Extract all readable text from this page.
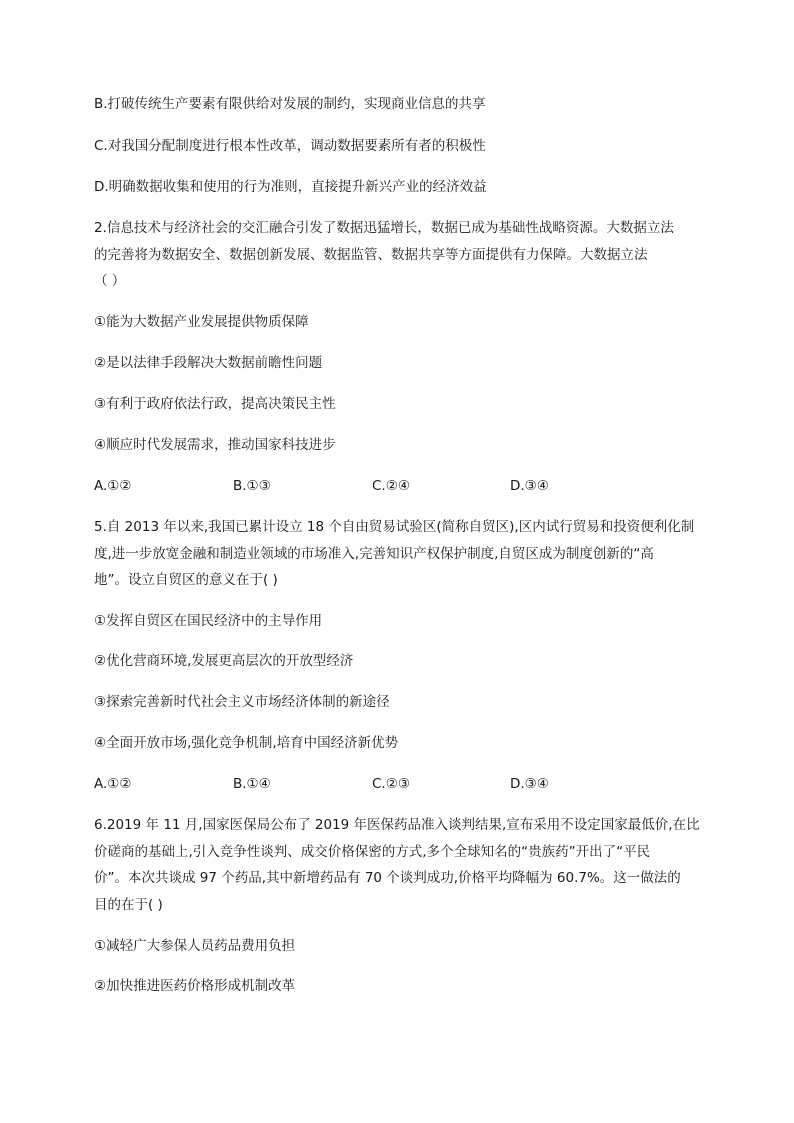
B.打破传统生产要素有限供给对发展的制约，实现商业信息的共享
C.对我国分配制度进行根本性改革，调动数据要素所有者的积极性
D.明确数据收集和使用的行为准则，直接提升新兴产业的经济效益
2.信息技术与经济社会的交汇融合引发了数据迅猛增长，数据已成为基础性战略资源。大数据立法
的完善将为数据安全、数据创新发展、数据监管、数据共享等方面提供有力保障。大数据立法
（ ）
①能为大数据产业发展提供物质保障
②是以法律手段解决大数据前瞻性问题
③有利于政府依法行政，提高决策民主性
④顺应时代发展需求，推动国家科技进步
A.①②	B.①③	C.②④	D.③④
5.自 2013 年以来,我国已累计设立 18 个自由贸易试验区(简称自贸区),区内试行贸易和投资便利化制
度,进一步放宽金融和制造业领域的市场准入,完善知识产权保护制度,自贸区成为制度创新的“高
地”。设立自贸区的意义在于( )
①发挥自贸区在国民经济中的主导作用
②优化营商环境,发展更高层次的开放型经济
③探索完善新时代社会主义市场经济体制的新途径
④全面开放市场,强化竞争机制,培育中国经济新优势
A.①②	B.①④	C.②③	D.③④
6.2019 年 11 月,国家医保局公布了 2019 年医保药品准入谈判结果,宣布采用不设定国家最低价,在比
价磋商的基础上,引入竞争性谈判、成交价格保密的方式,多个全球知名的“贵族药”开出了“平民
价”。本次共谈成 97 个药品,其中新增药品有 70 个谈判成功,价格平均降幅为 60.7%。这一做法的
目的在于( )
①减轻广大参保人员药品费用负担
②加快推进医药价格形成机制改革
